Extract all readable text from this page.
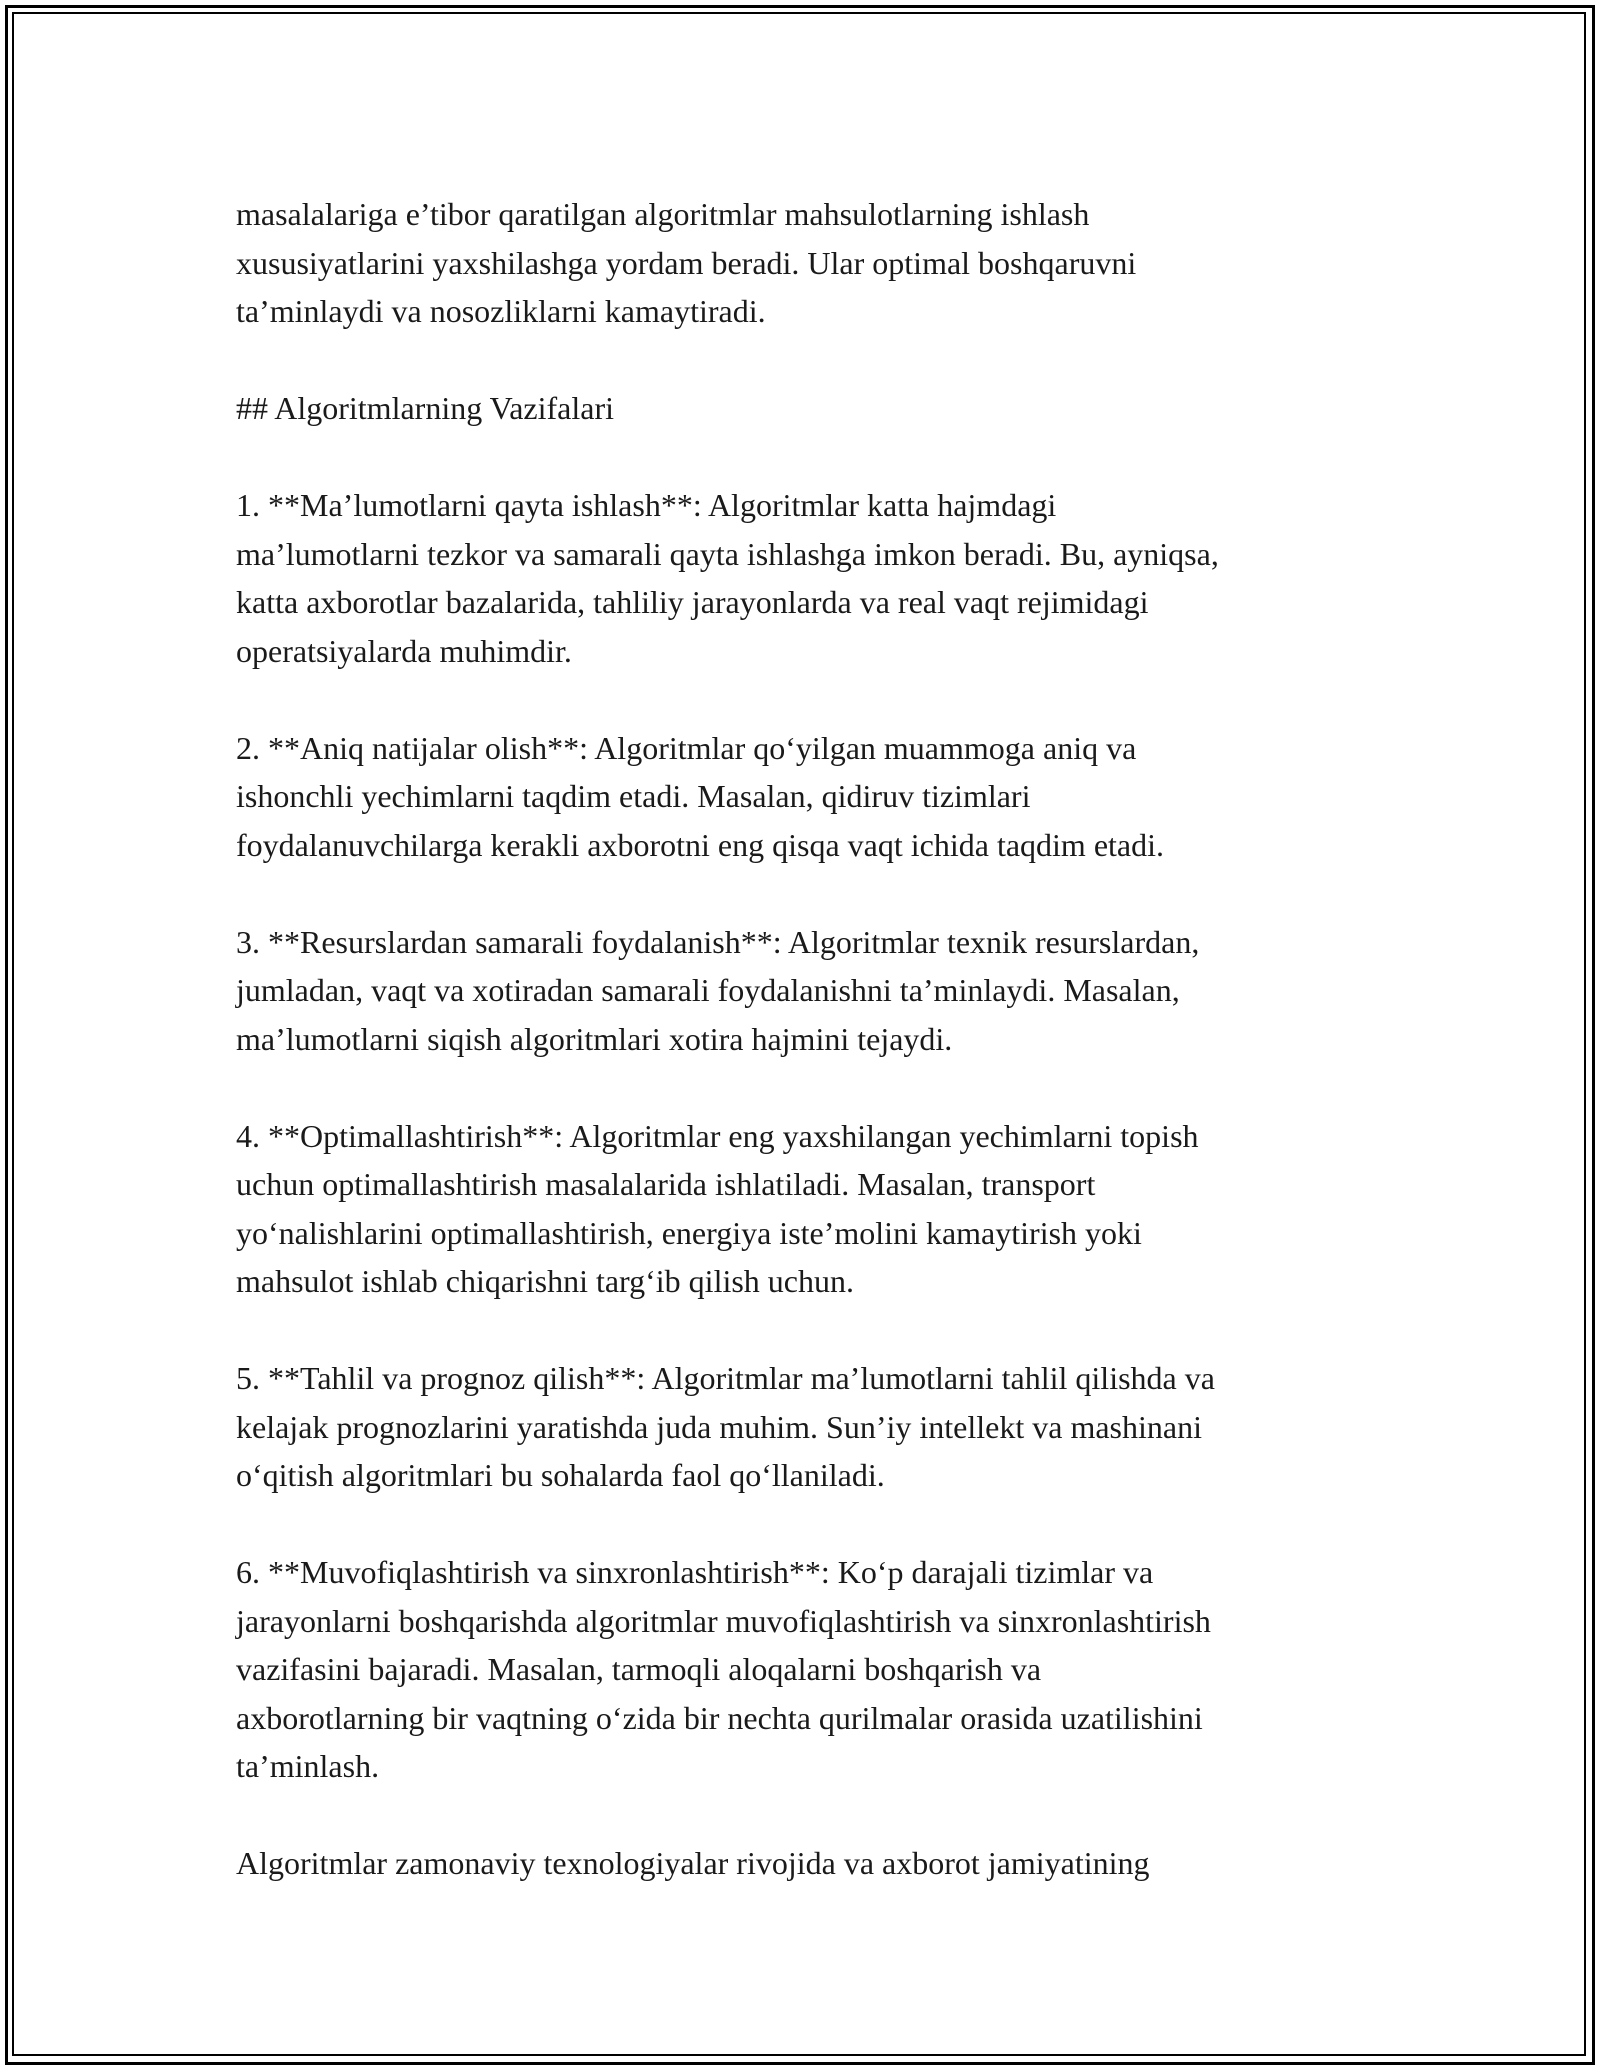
masalalariga e’tibor qaratilgan algoritmlar mahsulotlarning ishlash
xususiyatlarini yaxshilashga yordam beradi. Ular optimal boshqaruvni
ta’minlaydi va nosozliklarni kamaytiradi.

## Algoritmlarning Vazifalari

1. **Ma’lumotlarni qayta ishlash**: Algoritmlar katta hajmdagi
ma’lumotlarni tezkor va samarali qayta ishlashga imkon beradi. Bu, ayniqsa,
katta axborotlar bazalarida, tahliliy jarayonlarda va real vaqt rejimidagi
operatsiyalarda muhimdir.

2. **Aniq natijalar olish**: Algoritmlar qo‘yilgan muammoga aniq va
ishonchli yechimlarni taqdim etadi. Masalan, qidiruv tizimlari
foydalanuvchilarga kerakli axborotni eng qisqa vaqt ichida taqdim etadi.

3. **Resurslardan samarali foydalanish**: Algoritmlar texnik resurslardan,
jumladan, vaqt va xotiradan samarali foydalanishni ta’minlaydi. Masalan,
ma’lumotlarni siqish algoritmlari xotira hajmini tejaydi.

4. **Optimallashtirish**: Algoritmlar eng yaxshilangan yechimlarni topish
uchun optimallashtirish masalalarida ishlatiladi. Masalan, transport
yo‘nalishlarini optimallashtirish, energiya iste’molini kamaytirish yoki
mahsulot ishlab chiqarishni targ‘ib qilish uchun.

5. **Tahlil va prognoz qilish**: Algoritmlar ma’lumotlarni tahlil qilishda va
kelajak prognozlarini yaratishda juda muhim. Sun’iy intellekt va mashinani
o‘qitish algoritmlari bu sohalarda faol qo‘llaniladi.

6. **Muvofiqlashtirish va sinxronlashtirish**: Ko‘p darajali tizimlar va
jarayonlarni boshqarishda algoritmlar muvofiqlashtirish va sinxronlashtirish
vazifasini bajaradi. Masalan, tarmoqli aloqalarni boshqarish va
axborotlarning bir vaqtning o‘zida bir nechta qurilmalar orasida uzatilishini
ta’minlash.

Algoritmlar zamonaviy texnologiyalar rivojida va axborot jamiyatining
